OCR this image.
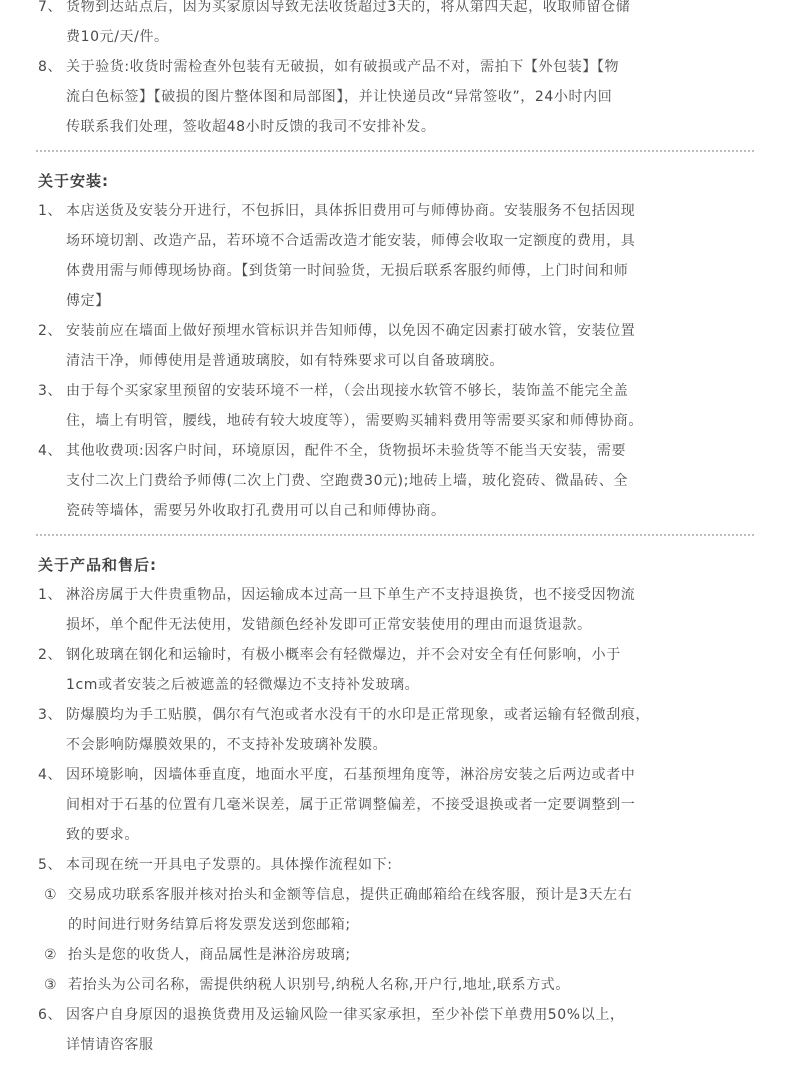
7、 货物到达站点后，因为买家原因导致无法收货超过3天的，将从第四天起，收取师留仓储
费10元/天/件。
8、 关于验货:收货时需检查外包装有无破损，如有破损或产品不对，需拍下【外包装】【物
流白色标签】【破损的图片整体图和局部图】，并让快递员改“异常签收”，24小时内回
传联系我们处理，签收超48小时反馈的我司不安排补发。
关于安装:
1、 本店送货及安装分开进行，不包拆旧，具体拆旧费用可与师傅协商。安装服务不包括因现
场环境切割、改造产品，若环境不合适需改造才能安装，师傅会收取一定额度的费用，具
体费用需与师傅现场协商。【到货第一时间验货，无损后联系客服约师傅，上门时间和师
傅定】
2、 安装前应在墙面上做好预埋水管标识并告知师傅，以免因不确定因素打破水管，安装位置
清洁干净，师傅使用是普通玻璃胶，如有特殊要求可以自备玻璃胶。
3、 由于每个买家家里预留的安装环境不一样，（会出现接水软管不够长，装饰盖不能完全盖
住，墙上有明管，腰线，地砖有较大坡度等），需要购买辅料费用等需要买家和师傅协商。
4、 其他收费项:因客户时间，环境原因，配件不全，货物损坏未验货等不能当天安装，需要
支付二次上门费给予师傅(二次上门费、空跑费30元);地砖上墙，玻化瓷砖、微晶砖、全
瓷砖等墙体，需要另外收取打孔费用可以自己和师傅协商。
关于产品和售后:
1、 淋浴房属于大件贵重物品，因运输成本过高一旦下单生产不支持退换货，也不接受因物流
损坏，单个配件无法使用，发错颜色经补发即可正常安装使用的理由而退货退款。
2、 钢化玻璃在钢化和运输时，有极小概率会有轻微爆边，并不会对安全有任何影响，小于
1cm或者安装之后被遮盖的轻微爆边不支持补发玻璃。
3、 防爆膜均为手工贴膜，偶尔有气泡或者水没有干的水印是正常现象，或者运输有轻微刮痕，
不会影响防爆膜效果的，不支持补发玻璃补发膜。
4、 因环境影响，因墙体垂直度，地面水平度，石基预埋角度等，淋浴房安装之后两边或者中
间相对于石基的位置有几毫米误差，属于正常调整偏差，不接受退换或者一定要调整到一
致的要求。
5、 本司现在统一开具电子发票的。具体操作流程如下:
① 交易成功联系客服并核对抬头和金额等信息，提供正确邮箱给在线客服，预计是3天左右
的时间进行财务结算后将发票发送到您邮箱;
② 抬头是您的收货人，商品属性是淋浴房玻璃;
③ 若抬头为公司名称，需提供纳税人识别号,纳税人名称,开户行,地址,联系方式。
6、 因客户自身原因的退换货费用及运输风险一律买家承担，至少补偿下单费用50%以上，
详情请咨客服
